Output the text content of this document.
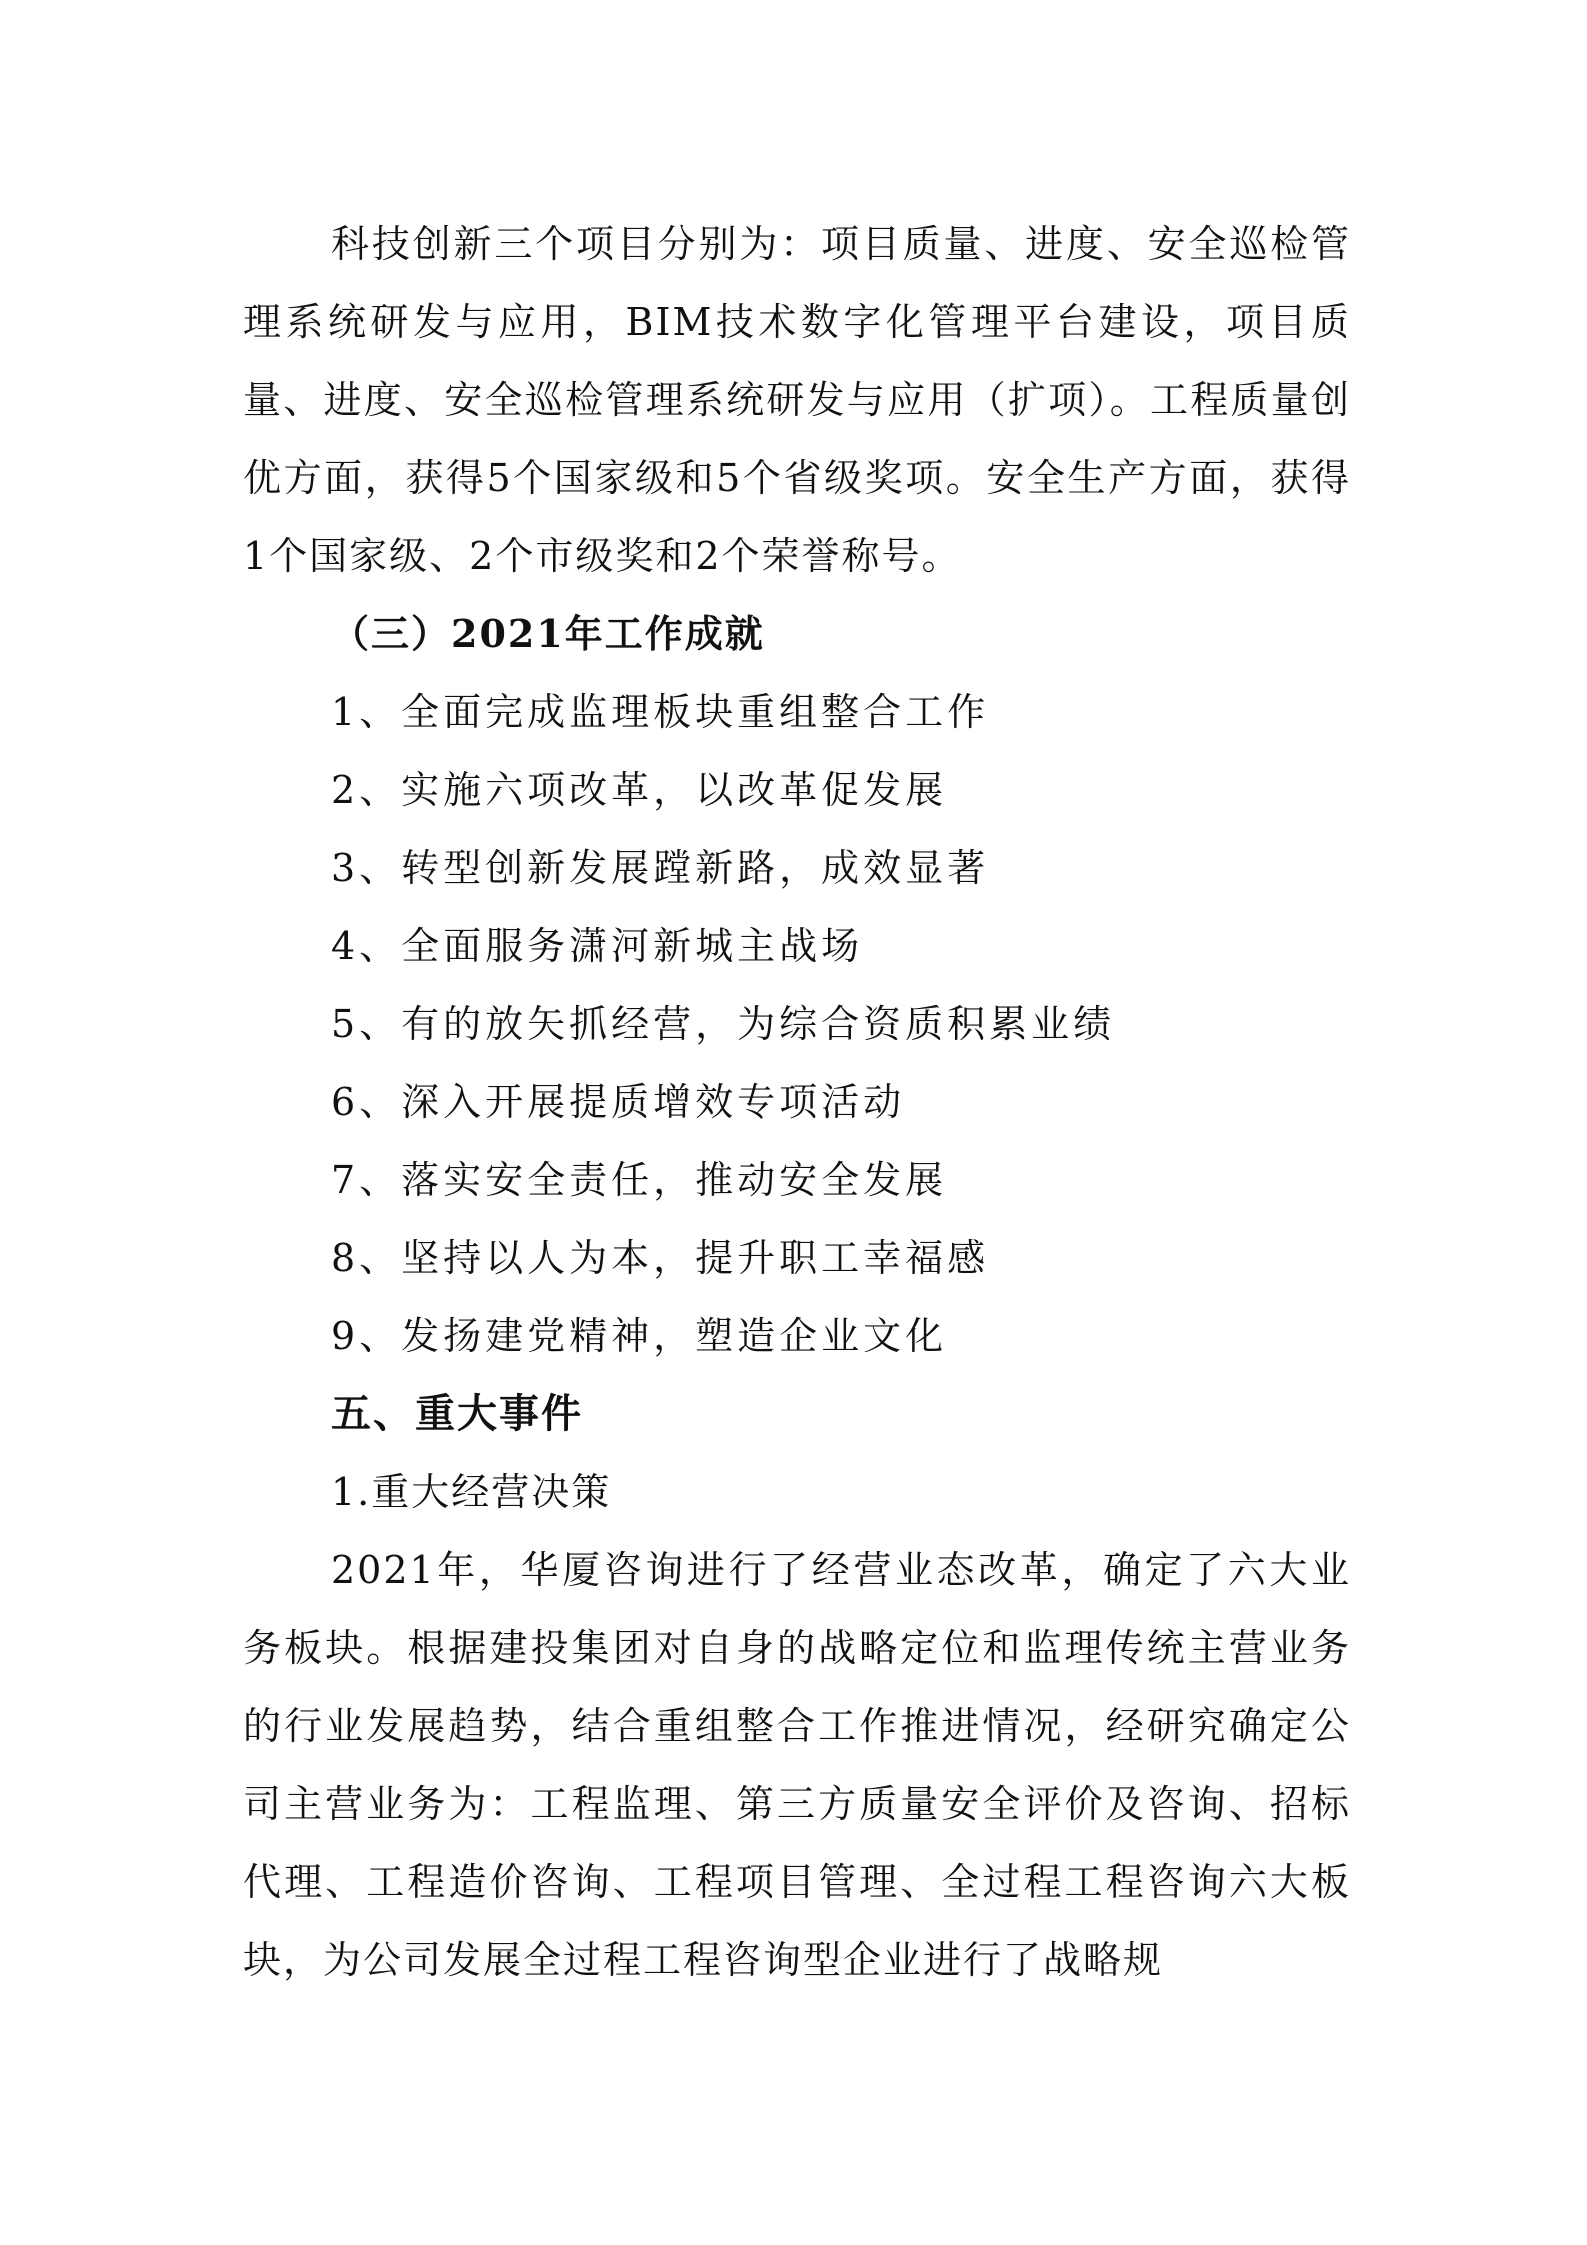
科技创新三个项目分别为：项目质量、进度、安全巡检管理系统研发与应用，BIM技术数字化管理平台建设，项目质量、进度、安全巡检管理系统研发与应用（扩项）。工程质量创优方面，获得5个国家级和5个省级奖项。安全生产方面，获得1个国家级、2个市级奖和2个荣誉称号。

（三）2021年工作成就

1、全面完成监理板块重组整合工作

2、实施六项改革，以改革促发展

3、转型创新发展蹚新路，成效显著

4、全面服务潇河新城主战场

5、有的放矢抓经营，为综合资质积累业绩

6、深入开展提质增效专项活动

7、落实安全责任，推动安全发展

8、坚持以人为本，提升职工幸福感

9、发扬建党精神，塑造企业文化

五、重大事件

1.重大经营决策

2021年，华厦咨询进行了经营业态改革，确定了六大业务板块。根据建投集团对自身的战略定位和监理传统主营业务的行业发展趋势，结合重组整合工作推进情况，经研究确定公司主营业务为：工程监理、第三方质量安全评价及咨询、招标代理、工程造价咨询、工程项目管理、全过程工程咨询六大板块，为公司发展全过程工程咨询型企业进行了战略规
